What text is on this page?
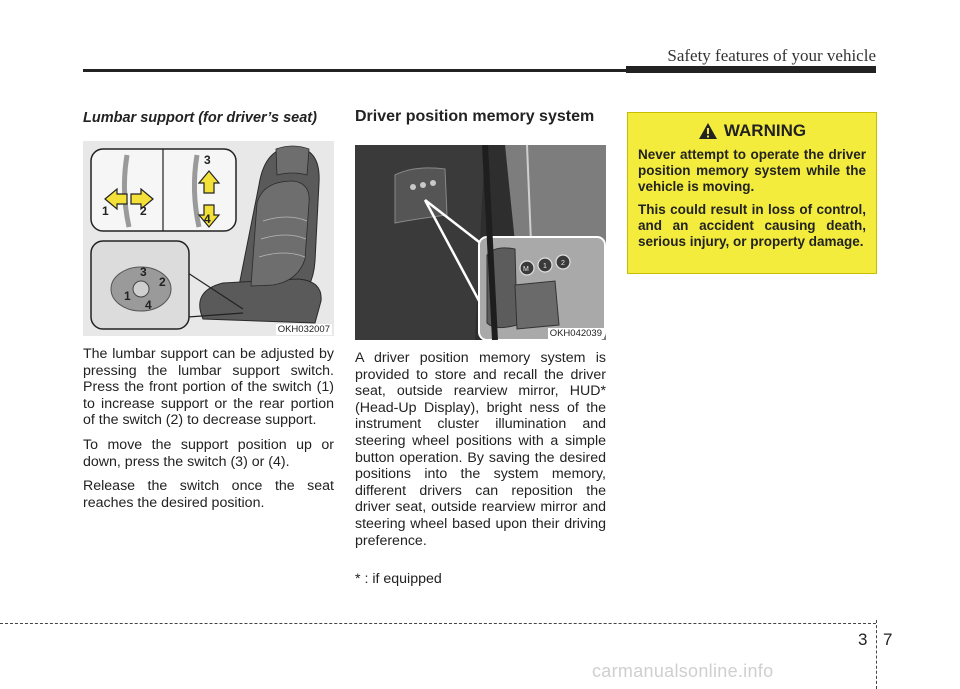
Safety features of your vehicle
Lumbar support (for driver’s seat)
1	2
3
4
3
2
1
4
OKH032007

The lumbar support can be adjusted by pressing the lumbar support switch. Press the front portion of the switch (1) to increase support or the rear portion of the switch (2) to decrease support.

To move the support position up or down, press the switch (3) or (4).

Release the switch once the seat reaches the desired position.

Driver position memory system
M 1 2
OKH042039

A driver position memory system is provided to store and recall the driver seat, outside rearview mirror, HUD* (Head-Up Display), bright ness of the instrument cluster illumination and steering wheel positions with a simple button operation. By saving the desired positions into the system memory, different drivers can reposition the driver seat, outside rearview mirror and steering wheel based upon their driving preference.

* : if equipped
WARNING

Never attempt to operate the driver position memory system while the vehicle is moving.

This could result in loss of control, and an accident causing death, serious injury, or property damage.

3 7
carmanualsonline.info
